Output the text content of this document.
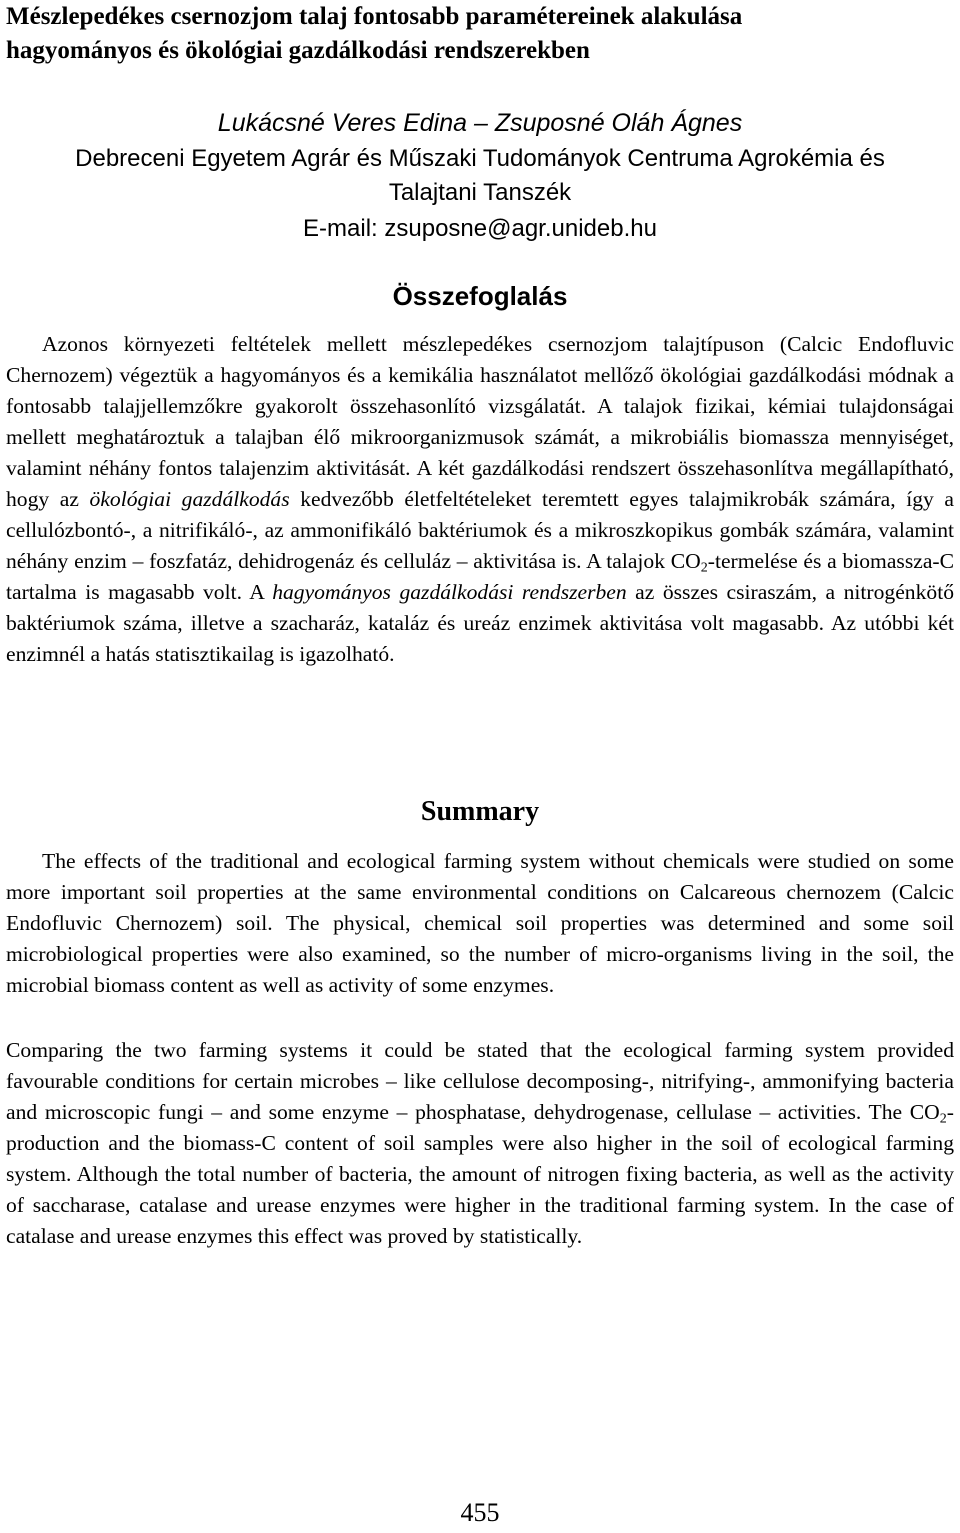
Mészlepedékes csernozjom talaj fontosabb paramétereinek alakulása
hagyományos és ökológiai gazdálkodási rendszerekben

Lukácsné Veres Edina – Zsuposné Oláh Ágnes

Debreceni Egyetem Agrár és Műszaki Tudományok Centruma Agrokémia és

Talajtani Tanszék

E-mail: zsuposne@agr.unideb.hu

Összefoglalás

Azonos környezeti feltételek mellett mészlepedékes csernozjom talajtípuson (Calcic Endofluvic Chernozem) végeztük a hagyományos és a kemikália használatot mellőző ökológiai gazdálkodási módnak a fontosabb talajjellemzőkre gyakorolt összehasonlító vizsgálatát. A talajok fizikai, kémiai tulajdonságai mellett meghatároztuk a talajban élő mikroorganizmusok számát, a mikrobiális biomassza mennyiséget, valamint néhány fontos talajenzim aktivitását. A két gazdálkodási rendszert összehasonlítva megállapítható, hogy az ökológiai gazdálkodás kedvezőbb életfeltételeket teremtett egyes talajmikrobák számára, így a cellulózbontó-, a nitrifikáló-, az ammonifikáló baktériumok és a mikroszkopikus gombák számára, valamint néhány enzim – foszfatáz, dehidrogenáz és celluláz – aktivitása is. A talajok $CO_2$-termelése és a biomassza-C tartalma is magasabb volt. A hagyományos gazdálkodási rendszerben az összes csiraszám, a nitrogénkötő baktériumok száma, illetve a szacharáz, kataláz és ureáz enzimek aktivitása volt magasabb. Az utóbbi két enzimnél a hatás statisztikailag is igazolható.

Summary

The effects of the traditional and ecological farming system without chemicals were studied on some more important soil properties at the same environmental conditions on Calcareous chernozem (Calcic Endofluvic Chernozem) soil. The physical, chemical soil properties was determined and some soil microbiological properties were also examined, so the number of micro-organisms living in the soil, the microbial biomass content as well as activity of some enzymes.

Comparing the two farming systems it could be stated that the ecological farming system provided favourable conditions for certain microbes – like cellulose decomposing-, nitrifying-, ammonifying bacteria and microscopic fungi – and some enzyme – phosphatase, dehydrogenase, cellulase – activities. The $CO_2$-production and the biomass-C content of soil samples were also higher in the soil of ecological farming system. Although the total number of bacteria, the amount of nitrogen fixing bacteria, as well as the activity of saccharase, catalase and urease enzymes were higher in the traditional farming system. In the case of catalase and urease enzymes this effect was proved by statistically.

455
